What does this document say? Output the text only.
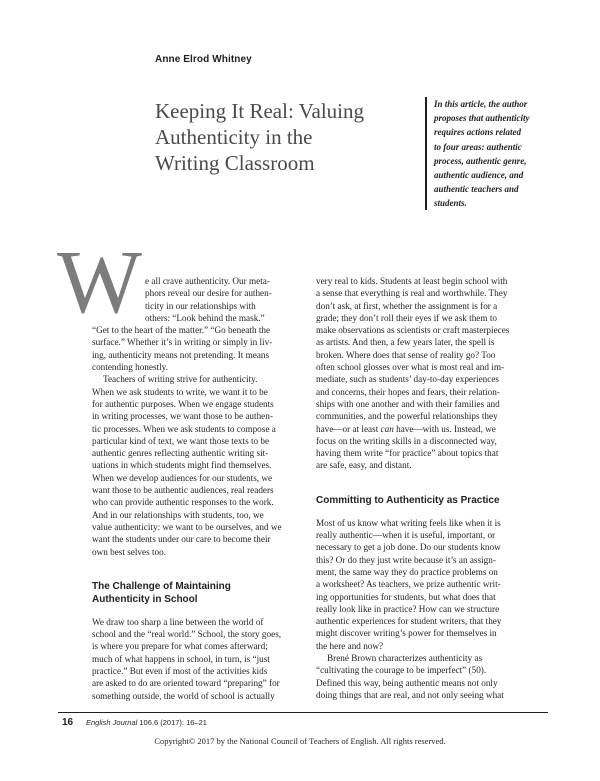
Anne Elrod Whitney
Keeping It Real: Valuing
Authenticity in the
Writing Classroom
In this article, the author
proposes that authenticity
requires actions related
to four areas: authentic
process, authentic genre,
authentic audience, and
authentic teachers and
students.
W e all crave authenticity. Our meta-
phors reveal our desire for authen-
ticity in our relationships with
others: “Look behind the mask.”
“Get to the heart of the matter.” “Go beneath the
surface.” Whether it’s in writing or simply in liv-
ing, authenticity means not pretending. It means
contending honestly.
Teachers of writing strive for authenticity.
When we ask students to write, we want it to be
for authentic purposes. When we engage students
in writing processes, we want those to be authen-
tic processes. When we ask students to compose a
particular kind of text, we want those texts to be
authentic genres reflecting authentic writing sit-
uations in which students might find themselves.
When we develop audiences for our students, we
want those to be authentic audiences, real readers
who can provide authentic responses to the work.
And in our relationships with students, too, we
value authenticity: we want to be ourselves, and we
want the students under our care to become their
own best selves too.
The Challenge of Maintaining
Authenticity in School
We draw too sharp a line between the world of
school and the “real world.” School, the story goes,
is where you prepare for what comes afterward;
much of what happens in school, in turn, is “just
practice.” But even if most of the activities kids
are asked to do are oriented toward “preparing” for
something outside, the world of school is actually
very real to kids. Students at least begin school with
a sense that everything is real and worthwhile. They
don’t ask, at first, whether the assignment is for a
grade; they don’t roll their eyes if we ask them to
make observations as scientists or craft masterpieces
as artists. And then, a few years later, the spell is
broken. Where does that sense of reality go? Too
often school glosses over what is most real and im-
mediate, such as students’ day-to-day experiences
and concerns, their hopes and fears, their relation-
ships with one another and with their families and
communities, and the powerful relationships they
have—or at least can have—with us. Instead, we
focus on the writing skills in a disconnected way,
having them write “for practice” about topics that
are safe, easy, and distant.
Committing to Authenticity as Practice
Most of us know what writing feels like when it is
really authentic—when it is useful, important, or
necessary to get a job done. Do our students know
this? Or do they just write because it’s an assign-
ment, the same way they do practice problems on
a worksheet? As teachers, we prize authentic writ-
ing opportunities for students, but what does that
really look like in practice? How can we structure
authentic experiences for student writers, that they
might discover writing’s power for themselves in
the here and now?
Brené Brown characterizes authenticity as
“cultivating the courage to be imperfect” (50).
Defined this way, being authentic means not only
doing things that are real, and not only seeing what
16 English Journal 106.6 (2017): 16–21
Copyright© 2017 by the National Council of Teachers of English. All rights reserved.
